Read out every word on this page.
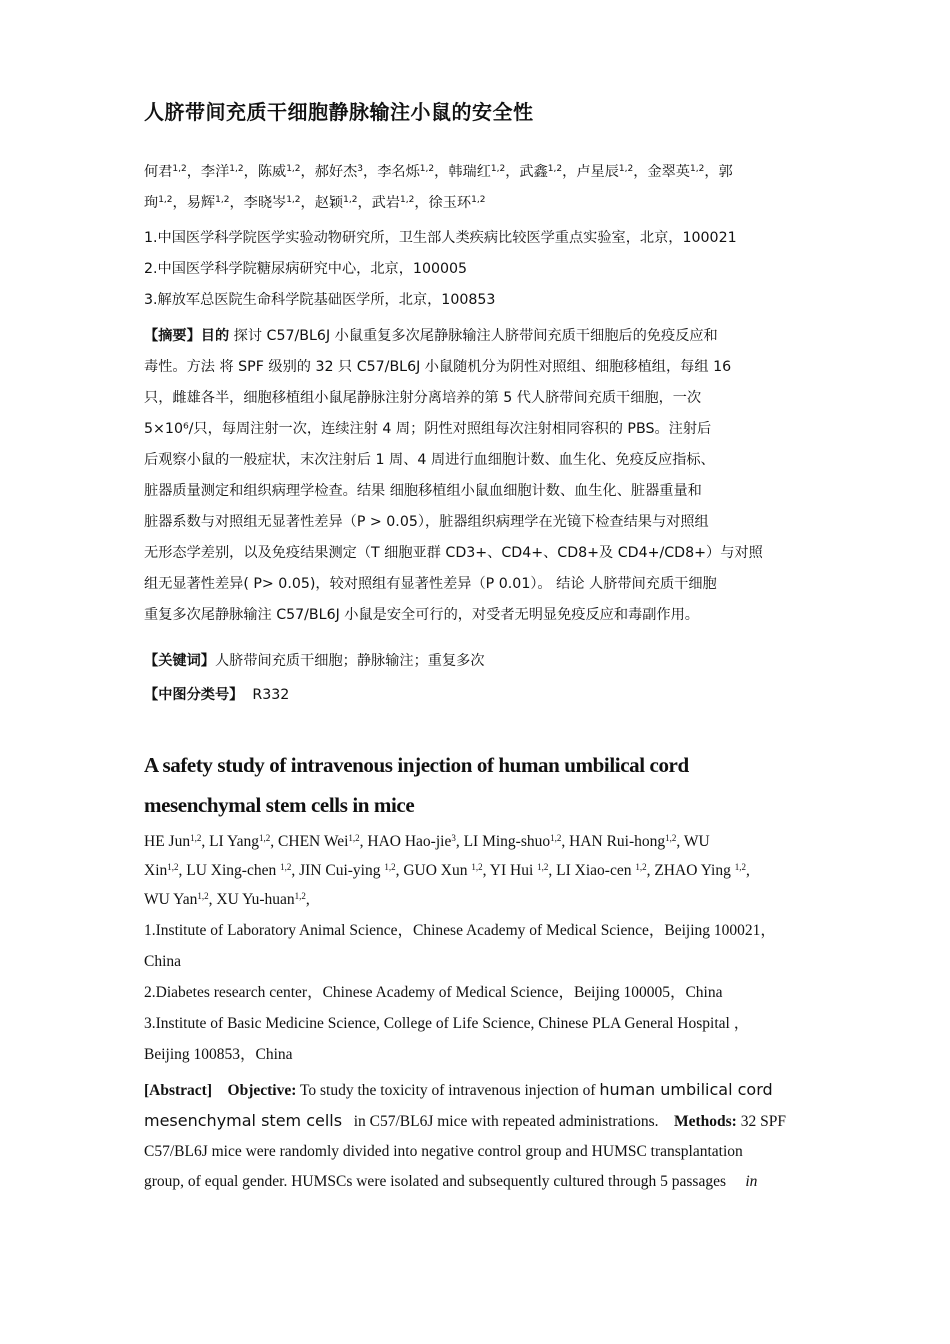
人脐带间充质干细胞静脉输注小鼠的安全性
何君$^{1,2}$，李洋$^{1,2}$，陈威$^{1,2}$，郝好杰$^3$，李名烁$^{1,2}$，韩瑞红$^{1,2}$，武鑫$^{1,2}$，卢星辰$^{1,2}$，金翠英$^{1,2}$，郭
珣$^{1,2}$，易辉$^{1,2}$，李晓岑$^{1,2}$，赵颖$^{1,2}$，武岩$^{1,2}$，徐玉环$^{1,2}$
1.中国医学科学院医学实验动物研究所，卫生部人类疾病比较医学重点实验室，北京，100021
2.中国医学科学院糖尿病研究中心，北京，100005
3.解放军总医院生命科学院基础医学所，北京，100853
【摘要】目的 探讨 C57/BL6J 小鼠重复多次尾静脉输注人脐带间充质干细胞后的免疫反应和
毒性。方法 将 SPF 级别的 32 只 C57/BL6J 小鼠随机分为阴性对照组、细胞移植组，每组 16
只，雌雄各半，细胞移植组小鼠尾静脉注射分离培养的第 5 代人脐带间充质干细胞，一次
5×10⁶/只，每周注射一次，连续注射 4 周；阴性对照组每次注射相同容积的 PBS。注射后
后观察小鼠的一般症状，末次注射后 1 周、4 周进行血细胞计数、血生化、免疫反应指标、
脏器质量测定和组织病理学检查。结果 细胞移植组小鼠血细胞计数、血生化、脏器重量和
脏器系数与对照组无显著性差异（P > 0.05），脏器组织病理学在光镜下检查结果与对照组
无形态学差别，以及免疫结果测定（T 细胞亚群 CD3+、CD4+、CD8+及 CD4+/CD8+）与对照
组无显著性差异( P> 0.05)，较对照组有显著性差异（P 0.01）。 结论 人脐带间充质干细胞
重复多次尾静脉输注 C57/BL6J 小鼠是安全可行的，对受者无明显免疫反应和毒副作用。
【关键词】人脐带间充质干细胞；静脉输注；重复多次
【中图分类号】 R332
A safety study of intravenous injection of human umbilical cord
mesenchymal stem cells in mice
HE Jun$^{1,2}$, LI Yang$^{1,2}$, CHEN Wei$^{1,2}$, HAO Hao-jie$^3$, LI Ming-shuo$^{1,2}$, HAN Rui-hong$^{1,2}$, WU
Xin$^{1,2}$, LU Xing-chen $^{1,2}$, JIN Cui-ying $^{1,2}$, GUO Xun $^{1,2}$, YI Hui $^{1,2}$, LI Xiao-cen $^{1,2}$, ZHAO Ying $^{1,2}$,
WU Yan$^{1,2}$, XU Yu-huan$^{1,2}$,
1.Institute of Laboratory Animal Science，Chinese Academy of Medical Science，Beijing 100021，
China
2.Diabetes research center，Chinese Academy of Medical Science，Beijing 100005，China
3.Institute of Basic Medicine Science, College of Life Science, Chinese PLA General Hospital ，
Beijing 100853，China
[Abstract] Objective: To study the toxicity of intravenous injection of human umbilical cord
mesenchymal stem cells in C57/BL6J mice with repeated administrations. Methods: 32 SPF
C57/BL6J mice were randomly divided into negative control group and HUMSC transplantation
group, of equal gender. HUMSCs were isolated and subsequently cultured through 5 passages in
